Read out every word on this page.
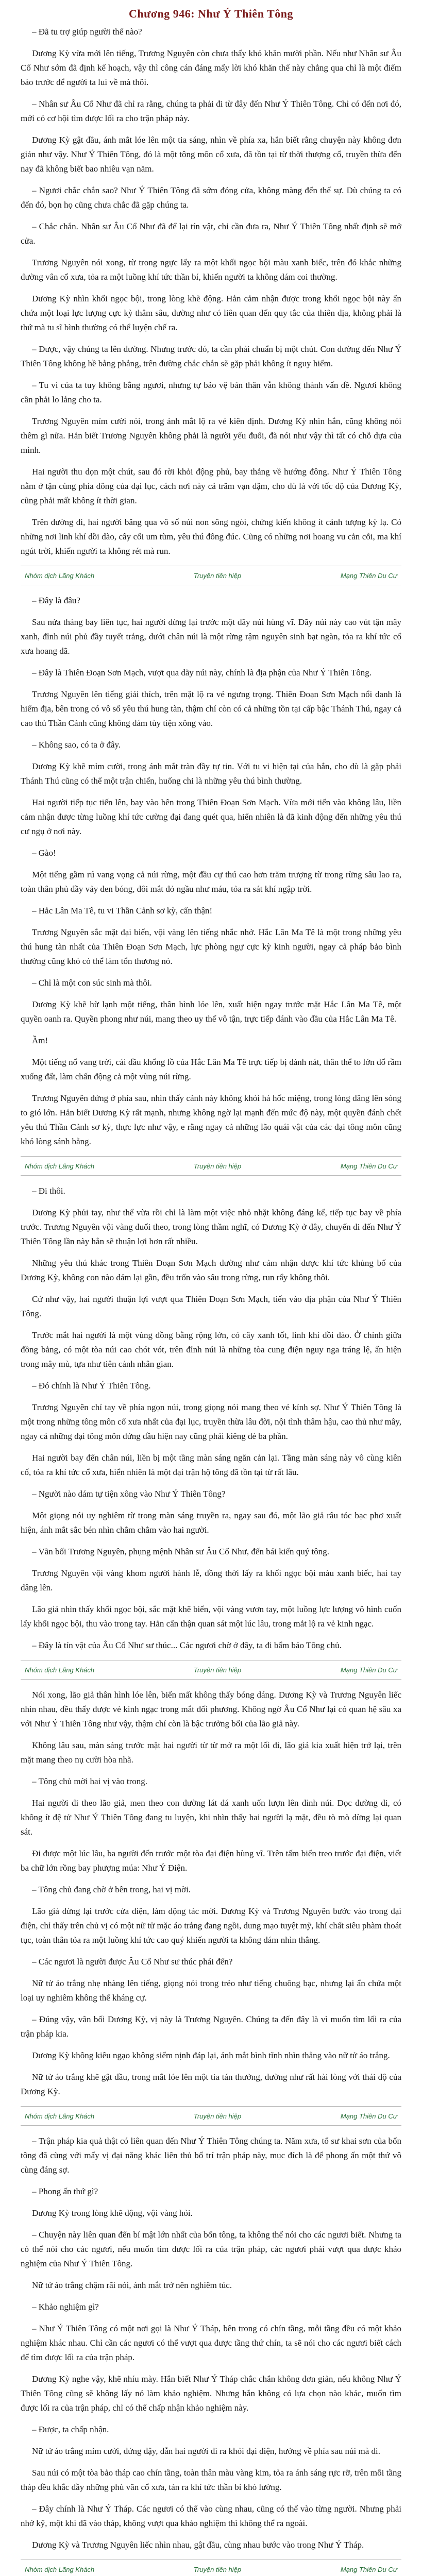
Chương 946: Như Ý Thiên Tông

– Đã tu trợ giúp người thế nào?

Dương Kỳ vừa mới lên tiếng, Trương Nguyên còn chưa thấy khó khăn mười phần. Nếu như Nhân sư Âu Cổ Như sớm đã định kế hoạch, vậy thì công cán đáng mấy lời khó khăn thế này chẳng qua chỉ là một điểm báo trước để người ta lui về mà thôi.

– Nhân sư Âu Cổ Như đã chỉ ra rằng, chúng ta phải đi từ đây đến Như Ý Thiên Tông. Chỉ có đến nơi đó, mới có cơ hội tìm được lối ra cho trận pháp này.

Dương Kỳ gật đầu, ánh mắt lóe lên một tia sáng, nhìn về phía xa, hắn biết rằng chuyện này không đơn giản như vậy. Như Ý Thiên Tông, đó là một tông môn cổ xưa, đã tồn tại từ thời thượng cổ, truyền thừa đến nay đã không biết bao nhiêu vạn năm.

– Ngươi chắc chắn sao? Như Ý Thiên Tông đã sớm đóng cửa, không màng đến thế sự. Dù chúng ta có đến đó, bọn họ cũng chưa chắc đã gặp chúng ta.

– Chắc chắn. Nhân sư Âu Cổ Như đã để lại tín vật, chỉ cần đưa ra, Như Ý Thiên Tông nhất định sẽ mở cửa.

Trương Nguyên nói xong, từ trong ngực lấy ra một khối ngọc bội màu xanh biếc, trên đó khắc những đường vân cổ xưa, tỏa ra một luồng khí tức thần bí, khiến người ta không dám coi thường.

Dương Kỳ nhìn khối ngọc bội, trong lòng khẽ động. Hắn cảm nhận được trong khối ngọc bội này ẩn chứa một loại lực lượng cực kỳ thâm sâu, dường như có liên quan đến quy tắc của thiên địa, không phải là thứ mà tu sĩ bình thường có thể luyện chế ra.

– Được, vậy chúng ta lên đường. Nhưng trước đó, ta cần phải chuẩn bị một chút. Con đường đến Như Ý Thiên Tông không hề bằng phẳng, trên đường chắc chắn sẽ gặp phải không ít nguy hiểm.

– Tu vi của ta tuy không bằng ngươi, nhưng tự bảo vệ bản thân vẫn không thành vấn đề. Ngươi không cần phải lo lắng cho ta.

Trương Nguyên mỉm cười nói, trong ánh mắt lộ ra vẻ kiên định. Dương Kỳ nhìn hắn, cũng không nói thêm gì nữa. Hắn biết Trương Nguyên không phải là người yếu đuối, đã nói như vậy thì tất có chỗ dựa của mình.

Hai người thu dọn một chút, sau đó rời khỏi động phủ, bay thẳng về hướng đông. Như Ý Thiên Tông nằm ở tận cùng phía đông của đại lục, cách nơi này cả trăm vạn dặm, cho dù là với tốc độ của Dương Kỳ, cũng phải mất không ít thời gian.

Trên đường đi, hai người băng qua vô số núi non sông ngòi, chứng kiến không ít cảnh tượng kỳ lạ. Có những nơi linh khí dồi dào, cây cối um tùm, yêu thú đông đúc. Cũng có những nơi hoang vu cằn cỗi, ma khí ngút trời, khiến người ta không rét mà run.

Nhóm dịch Lãng Khách	Truyện tiên hiệp	Mạng Thiên Du Cư

– Đây là đâu?

Sau nửa tháng bay liên tục, hai người dừng lại trước một dãy núi hùng vĩ. Dãy núi này cao vút tận mây xanh, đỉnh núi phủ đầy tuyết trắng, dưới chân núi là một rừng rậm nguyên sinh bạt ngàn, tỏa ra khí tức cổ xưa hoang dã.

– Đây là Thiên Đoạn Sơn Mạch, vượt qua dãy núi này, chính là địa phận của Như Ý Thiên Tông.

Trương Nguyên lên tiếng giải thích, trên mặt lộ ra vẻ ngưng trọng. Thiên Đoạn Sơn Mạch nổi danh là hiểm địa, bên trong có vô số yêu thú hung tàn, thậm chí còn có cả những tồn tại cấp bậc Thánh Thú, ngay cả cao thủ Thần Cảnh cũng không dám tùy tiện xông vào.

– Không sao, có ta ở đây.

Dương Kỳ khẽ mỉm cười, trong ánh mắt tràn đầy tự tin. Với tu vi hiện tại của hắn, cho dù là gặp phải Thánh Thú cũng có thể một trận chiến, huống chi là những yêu thú bình thường.

Hai người tiếp tục tiến lên, bay vào bên trong Thiên Đoạn Sơn Mạch. Vừa mới tiến vào không lâu, liền cảm nhận được từng luồng khí tức cường đại đang quét qua, hiển nhiên là đã kinh động đến những yêu thú cư ngụ ở nơi này.

– Gào!

Một tiếng gầm rú vang vọng cả núi rừng, một đầu cự thú cao hơn trăm trượng từ trong rừng sâu lao ra, toàn thân phủ đầy vảy đen bóng, đôi mắt đỏ ngầu như máu, tỏa ra sát khí ngập trời.

– Hắc Lân Ma Tê, tu vi Thần Cảnh sơ kỳ, cẩn thận!

Trương Nguyên sắc mặt đại biến, vội vàng lên tiếng nhắc nhở. Hắc Lân Ma Tê là một trong những yêu thú hung tàn nhất của Thiên Đoạn Sơn Mạch, lực phòng ngự cực kỳ kinh người, ngay cả pháp bảo bình thường cũng khó có thể làm tổn thương nó.

– Chỉ là một con súc sinh mà thôi.

Dương Kỳ khẽ hừ lạnh một tiếng, thân hình lóe lên, xuất hiện ngay trước mặt Hắc Lân Ma Tê, một quyền oanh ra. Quyền phong như núi, mang theo uy thế vô tận, trực tiếp đánh vào đầu của Hắc Lân Ma Tê.

Ầm!

Một tiếng nổ vang trời, cái đầu khổng lồ của Hắc Lân Ma Tê trực tiếp bị đánh nát, thân thể to lớn đổ rầm xuống đất, làm chấn động cả một vùng núi rừng.

Trương Nguyên đứng ở phía sau, nhìn thấy cảnh này không khỏi há hốc miệng, trong lòng dâng lên sóng to gió lớn. Hắn biết Dương Kỳ rất mạnh, nhưng không ngờ lại mạnh đến mức độ này, một quyền đánh chết yêu thú Thần Cảnh sơ kỳ, thực lực như vậy, e rằng ngay cả những lão quái vật của các đại tông môn cũng khó lòng sánh bằng.

Nhóm dịch Lãng Khách	Truyện tiên hiệp	Mạng Thiên Du Cư

– Đi thôi.

Dương Kỳ phủi tay, như thể vừa rồi chỉ là làm một việc nhỏ nhặt không đáng kể, tiếp tục bay về phía trước. Trương Nguyên vội vàng đuổi theo, trong lòng thầm nghĩ, có Dương Kỳ ở đây, chuyến đi đến Như Ý Thiên Tông lần này hẳn sẽ thuận lợi hơn rất nhiều.

Những yêu thú khác trong Thiên Đoạn Sơn Mạch dường như cảm nhận được khí tức khủng bố của Dương Kỳ, không con nào dám lại gần, đều trốn vào sâu trong rừng, run rẩy không thôi.

Cứ như vậy, hai người thuận lợi vượt qua Thiên Đoạn Sơn Mạch, tiến vào địa phận của Như Ý Thiên Tông.

Trước mắt hai người là một vùng đồng bằng rộng lớn, cỏ cây xanh tốt, linh khí dồi dào. Ở chính giữa đồng bằng, có một tòa núi cao chót vót, trên đỉnh núi là những tòa cung điện nguy nga tráng lệ, ẩn hiện trong mây mù, tựa như tiên cảnh nhân gian.

– Đó chính là Như Ý Thiên Tông.

Trương Nguyên chỉ tay về phía ngọn núi, trong giọng nói mang theo vẻ kính sợ. Như Ý Thiên Tông là một trong những tông môn cổ xưa nhất của đại lục, truyền thừa lâu đời, nội tình thâm hậu, cao thủ như mây, ngay cả những đại tông môn đứng đầu hiện nay cũng phải kiêng dè ba phần.

Hai người bay đến chân núi, liền bị một tầng màn sáng ngăn cản lại. Tầng màn sáng này vô cùng kiên cố, tỏa ra khí tức cổ xưa, hiển nhiên là một đại trận hộ tông đã tồn tại từ rất lâu.

– Người nào dám tự tiện xông vào Như Ý Thiên Tông?

Một giọng nói uy nghiêm từ trong màn sáng truyền ra, ngay sau đó, một lão giả râu tóc bạc phơ xuất hiện, ánh mắt sắc bén nhìn chằm chằm vào hai người.

– Vãn bối Trương Nguyên, phụng mệnh Nhân sư Âu Cổ Như, đến bái kiến quý tông.

Trương Nguyên vội vàng khom người hành lễ, đồng thời lấy ra khối ngọc bội màu xanh biếc, hai tay dâng lên.

Lão giả nhìn thấy khối ngọc bội, sắc mặt khẽ biến, vội vàng vươn tay, một luồng lực lượng vô hình cuốn lấy khối ngọc bội, thu vào trong tay. Hắn cẩn thận quan sát một lúc lâu, trong mắt lộ ra vẻ kinh ngạc.

– Đây là tín vật của Âu Cổ Như sư thúc... Các ngươi chờ ở đây, ta đi bẩm báo Tông chủ.

Nhóm dịch Lãng Khách	Truyện tiên hiệp	Mạng Thiên Du Cư

Nói xong, lão giả thân hình lóe lên, biến mất không thấy bóng dáng. Dương Kỳ và Trương Nguyên liếc nhìn nhau, đều thấy được vẻ kinh ngạc trong mắt đối phương. Không ngờ Âu Cổ Như lại có quan hệ sâu xa với Như Ý Thiên Tông như vậy, thậm chí còn là bậc trưởng bối của lão giả này.

Không lâu sau, màn sáng trước mặt hai người từ từ mở ra một lối đi, lão giả kia xuất hiện trở lại, trên mặt mang theo nụ cười hòa nhã.

– Tông chủ mời hai vị vào trong.

Hai người đi theo lão giả, men theo con đường lát đá xanh uốn lượn lên đỉnh núi. Dọc đường đi, có không ít đệ tử Như Ý Thiên Tông đang tu luyện, khi nhìn thấy hai người lạ mặt, đều tò mò dừng lại quan sát.

Đi được một lúc lâu, ba người đến trước một tòa đại điện hùng vĩ. Trên tấm biển treo trước đại điện, viết ba chữ lớn rồng bay phượng múa: Như Ý Điện.

– Tông chủ đang chờ ở bên trong, hai vị mời.

Lão giả dừng lại trước cửa điện, làm động tác mời. Dương Kỳ và Trương Nguyên bước vào trong đại điện, chỉ thấy trên chủ vị có một nữ tử mặc áo trắng đang ngồi, dung mạo tuyệt mỹ, khí chất siêu phàm thoát tục, toàn thân tỏa ra một luồng khí tức cao quý khiến người ta không dám nhìn thẳng.

– Các ngươi là người được Âu Cổ Như sư thúc phái đến?

Nữ tử áo trắng nhẹ nhàng lên tiếng, giọng nói trong trẻo như tiếng chuông bạc, nhưng lại ẩn chứa một loại uy nghiêm không thể kháng cự.

– Đúng vậy, vãn bối Dương Kỳ, vị này là Trương Nguyên. Chúng ta đến đây là vì muốn tìm lối ra của trận pháp kia.

Dương Kỳ không kiêu ngạo không siểm nịnh đáp lại, ánh mắt bình tĩnh nhìn thẳng vào nữ tử áo trắng.

Nữ tử áo trắng khẽ gật đầu, trong mắt lóe lên một tia tán thưởng, dường như rất hài lòng với thái độ của Dương Kỳ.

Nhóm dịch Lãng Khách	Truyện tiên hiệp	Mạng Thiên Du Cư

– Trận pháp kia quả thật có liên quan đến Như Ý Thiên Tông chúng ta. Năm xưa, tổ sư khai sơn của bổn tông đã cùng với mấy vị đại năng khác liên thủ bố trí trận pháp này, mục đích là để phong ấn một thứ vô cùng đáng sợ.

– Phong ấn thứ gì?

Dương Kỳ trong lòng khẽ động, vội vàng hỏi.

– Chuyện này liên quan đến bí mật lớn nhất của bổn tông, ta không thể nói cho các ngươi biết. Nhưng ta có thể nói cho các ngươi, nếu muốn tìm được lối ra của trận pháp, các ngươi phải vượt qua được khảo nghiệm của Như Ý Thiên Tông.

Nữ tử áo trắng chậm rãi nói, ánh mắt trở nên nghiêm túc.

– Khảo nghiệm gì?

– Như Ý Thiên Tông có một nơi gọi là Như Ý Tháp, bên trong có chín tầng, mỗi tầng đều có một khảo nghiệm khác nhau. Chỉ cần các ngươi có thể vượt qua được tầng thứ chín, ta sẽ nói cho các ngươi biết cách để tìm được lối ra của trận pháp.

Dương Kỳ nghe vậy, khẽ nhíu mày. Hắn biết Như Ý Tháp chắc chắn không đơn giản, nếu không Như Ý Thiên Tông cũng sẽ không lấy nó làm khảo nghiệm. Nhưng hắn không có lựa chọn nào khác, muốn tìm được lối ra của trận pháp, chỉ có thể chấp nhận khảo nghiệm này.

– Được, ta chấp nhận.

Nữ tử áo trắng mỉm cười, đứng dậy, dẫn hai người đi ra khỏi đại điện, hướng về phía sau núi mà đi.

Sau núi có một tòa bảo tháp cao chín tầng, toàn thân màu vàng kim, tỏa ra ánh sáng rực rỡ, trên mỗi tầng tháp đều khắc đầy những phù văn cổ xưa, tản ra khí tức thần bí khó lường.

– Đây chính là Như Ý Tháp. Các ngươi có thể vào cùng nhau, cũng có thể vào từng người. Nhưng phải nhớ kỹ, một khi đã vào tháp, không vượt qua khảo nghiệm thì không thể ra ngoài.

Dương Kỳ và Trương Nguyên liếc nhìn nhau, gật đầu, cùng nhau bước vào trong Như Ý Tháp.

Nhóm dịch Lãng Khách	Truyện tiên hiệp	Mạng Thiên Du Cư
